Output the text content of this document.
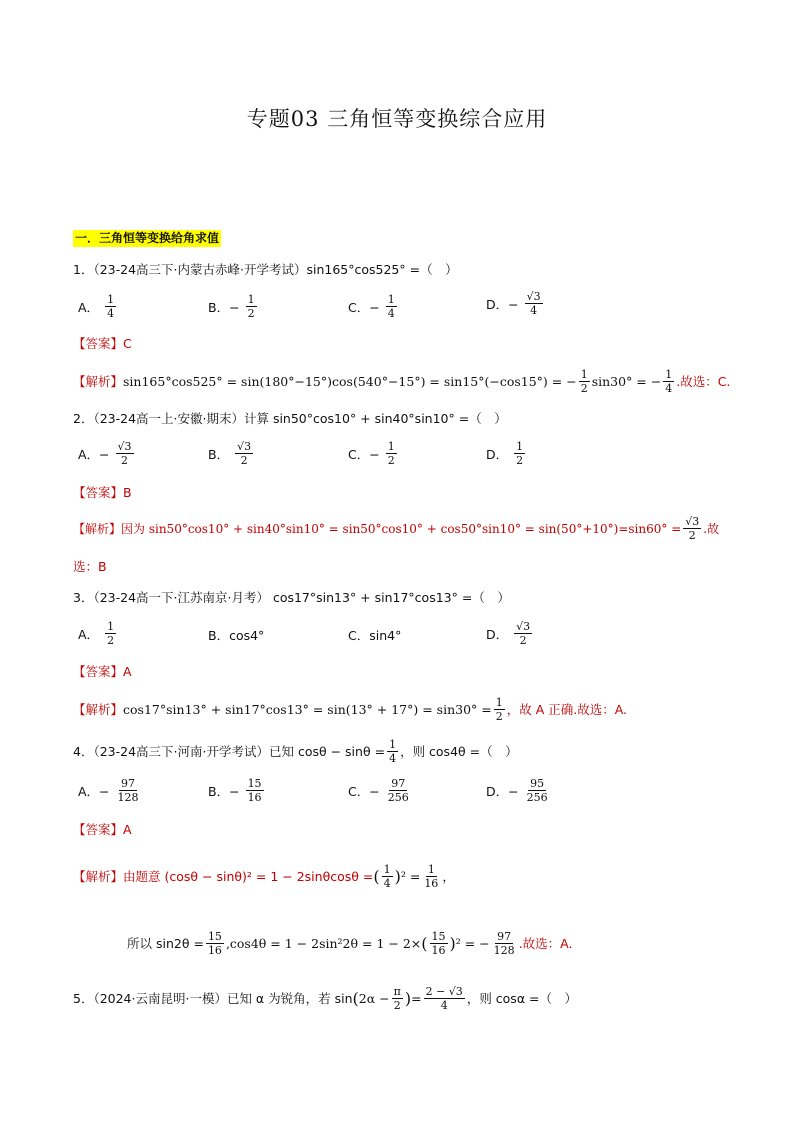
专题03 三角恒等变换综合应用
一．三角恒等变换给角求值
1．（23-24高三下·内蒙古赤峰·开学考试）sin165°cos525° =（　）
A． $\frac{1}{4}$	B．− $\frac{1}{2}$	C．− $\frac{1}{4}$	D．− $\frac{√3}{4}$
【答案】C
【解析】 sin165°cos525° = sin(180°−15°)cos(540°−15°) = sin15°(−cos15°) = − $\frac{1}{2} \sin 30^\circ$ = − $\frac{1}{4}$ .故选：C.
2．（23-24高一上·安徽·期末）计算 sin50°cos10° + sin40°sin10° =（　）
A．− $\frac{√3}{2}$	B． $\frac{√3}{2}$	C．− $\frac{1}{2}$	D． $\frac{1}{2}$
【答案】B
【解析】 因为 $\sin 50^\circ\cos 10^\circ + \sin 40^\circ\sin 10^\circ = \sin 50^\circ\cos 10^\circ + \cos 50^\circ\sin 10^\circ = \sin(50^\circ+10^\circ)=\sin 60^\circ = \frac{√3}{2}$ .故
选：B
3．（23-24高一下·江苏南京·月考） cos17°sin13° + sin17°cos13° =（　）
A． $\frac{1}{2}$	B．cos4°	C．sin4°	D． $\frac{√3}{2}$
【答案】A
【解析】 $\cos 17^\circ\sin 13^\circ + \sin 17^\circ\cos 13^\circ = \sin(13^\circ + 17^\circ) = \sin 30^\circ = \frac{1}{2}$ ，故 A 正确.故选：A.
4．（23-24高三下·河南·开学考试）已知 $\cos\theta - \sin\theta = \frac{1}{4}$ ，则 cos4θ =（　）
A．− $\frac{97}{128}$	B．− $\frac{15}{16}$	C．− $\frac{97}{256}$	D．− $\frac{95}{256}$
【答案】A
【解析】 由题意 (cosθ − sinθ)² = 1 − 2sinθcosθ = ( $\frac{1}{4}$ ) $^2 = \frac{1}{16}$ ，
所以 $\sin 2\theta = \frac{15}{16} ,\cos 4\theta = 1 - 2\sin^22\theta = 1 - 2\times$ ( $\frac{15}{16}$ ) ² = − $\frac{97}{128}$ .故选：A.
5．（2024·云南昆明·一模）已知 α 为锐角，若 sin ( $2\alpha - \frac{\pi}{2}$ ) = $\frac{2 - √3}{4}$ ，则 cosα =（　）
